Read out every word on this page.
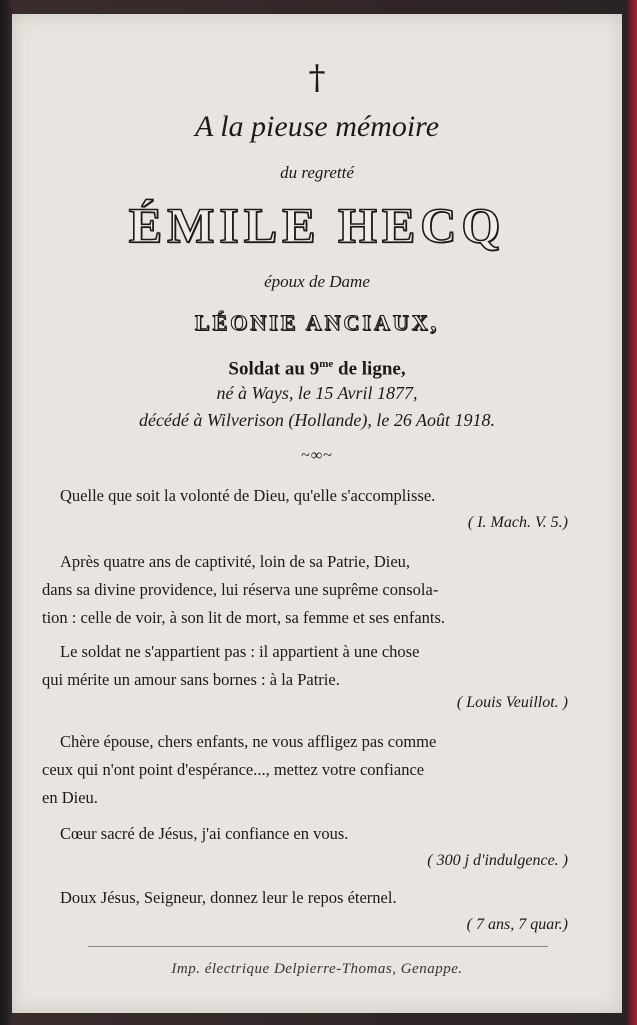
†
A la pieuse mémoire
du regretté
ÉMILE HECQ
époux de Dame
LÉONIE ANCIAUX,
Soldat au $9^{me}$ de ligne,
né à Ways, le 15 Avril 1877,
décédé à Wilverison (Hollande), le 26 Août 1918.
~∞~
Quelle que soit la volonté de Dieu, qu'elle s'accomplisse.
( I. Mach. V. 5.)
Après quatre ans de captivité, loin de sa Patrie, Dieu,
dans sa divine providence, lui réserva une suprême consola-
tion : celle de voir, à son lit de mort, sa femme et ses enfants.
Le soldat ne s'appartient pas : il appartient à une chose
qui mérite un amour sans bornes : à la Patrie.
( Louis Veuillot. )
Chère épouse, chers enfants, ne vous affligez pas comme
ceux qui n'ont point d'espérance..., mettez votre confiance
en Dieu.
Cœur sacré de Jésus, j'ai confiance en vous.
( 300 j d'indulgence. )
Doux Jésus, Seigneur, donnez leur le repos éternel.
( 7 ans, 7 quar.)
Imp. électrique Delpierre-Thomas, Genappe.
